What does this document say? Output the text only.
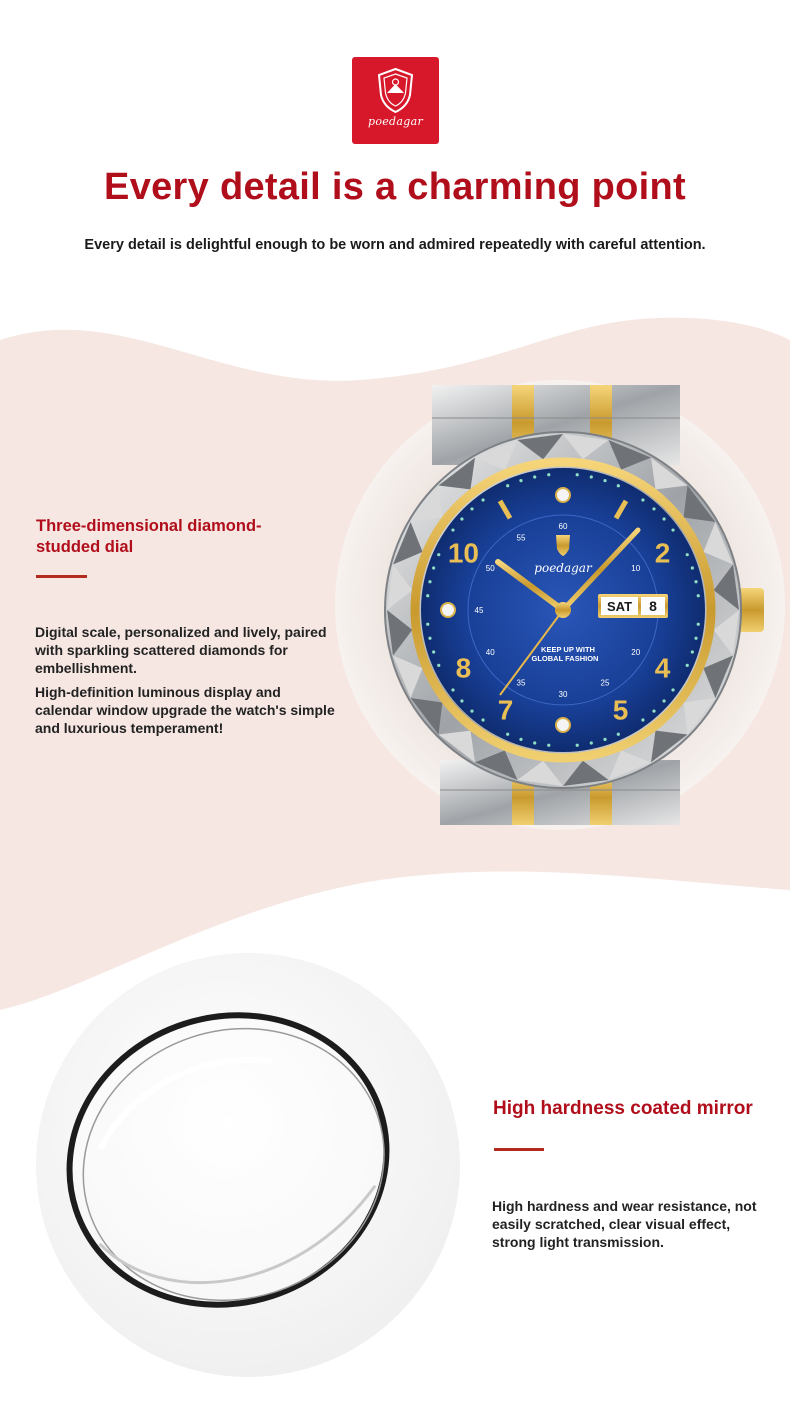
poedagar
Every detail is a charming point

Every detail is delightful enough to be worn and admired repeatedly with careful attention.

Three-dimensional diamond-studded dial

Digital scale, personalized and lively, paired with sparkling scattered diamonds for embellishment.

High-definition luminous display and calendar window upgrade the watch's simple and luxurious temperament!

60
10
20
25
30
35
40
45
50
55	2
4
5
7
8
10	poedagar
KEEP UP WITH
GLOBAL FASHION
SAT 8
High hardness coated mirror

High hardness and wear resistance, not easily scratched, clear visual effect, strong light transmission.
